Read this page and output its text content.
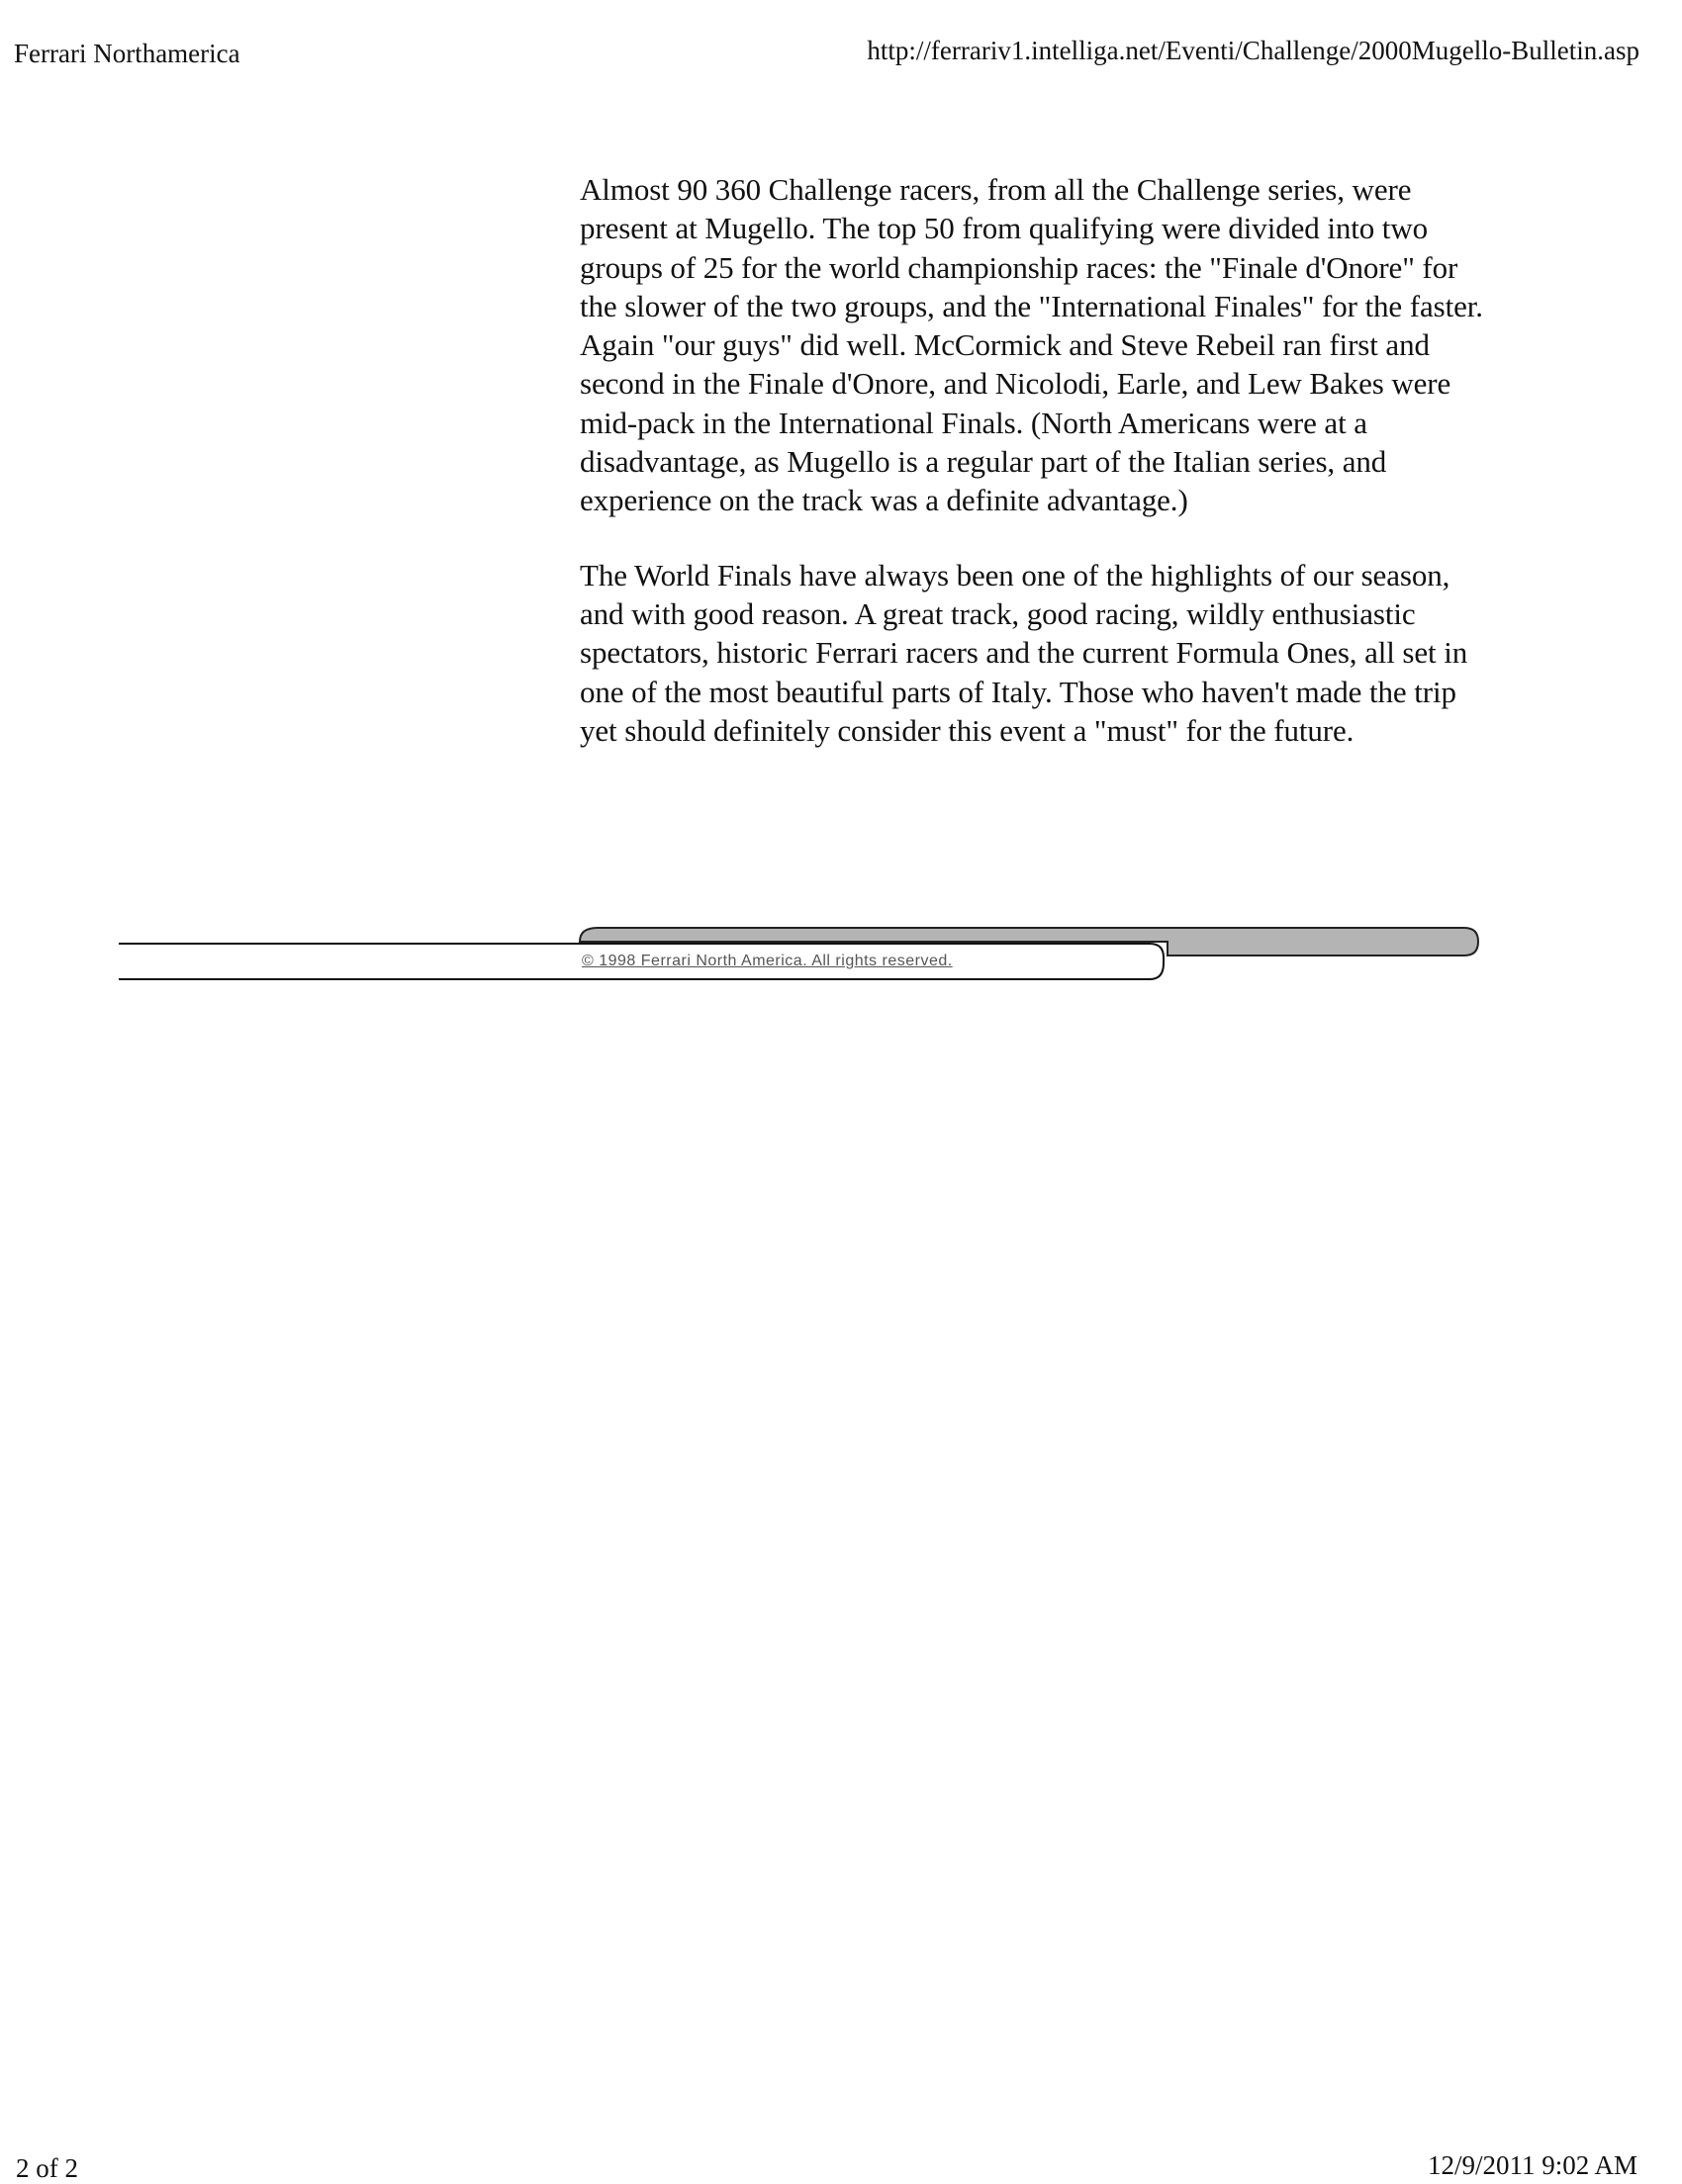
Ferrari Northamerica	http://ferrariv1.intelliga.net/Eventi/Challenge/2000Mugello-Bulletin.asp

Almost 90 360 Challenge racers, from all the Challenge series, were present at Mugello. The top 50 from qualifying were divided into two groups of 25 for the world championship races: the "Finale d'Onore" for the slower of the two groups, and the "International Finales" for the faster. Again "our guys" did well. McCormick and Steve Rebeil ran first and second in the Finale d'Onore, and Nicolodi, Earle, and Lew Bakes were mid-pack in the International Finals. (North Americans were at a disadvantage, as Mugello is a regular part of the Italian series, and experience on the track was a definite advantage.)

The World Finals have always been one of the highlights of our season, and with good reason. A great track, good racing, wildly enthusiastic spectators, historic Ferrari racers and the current Formula Ones, all set in one of the most beautiful parts of Italy. Those who haven't made the trip yet should definitely consider this event a "must" for the future.

© 1998 Ferrari North America. All rights reserved.
2 of 2	12/9/2011 9:02 AM
